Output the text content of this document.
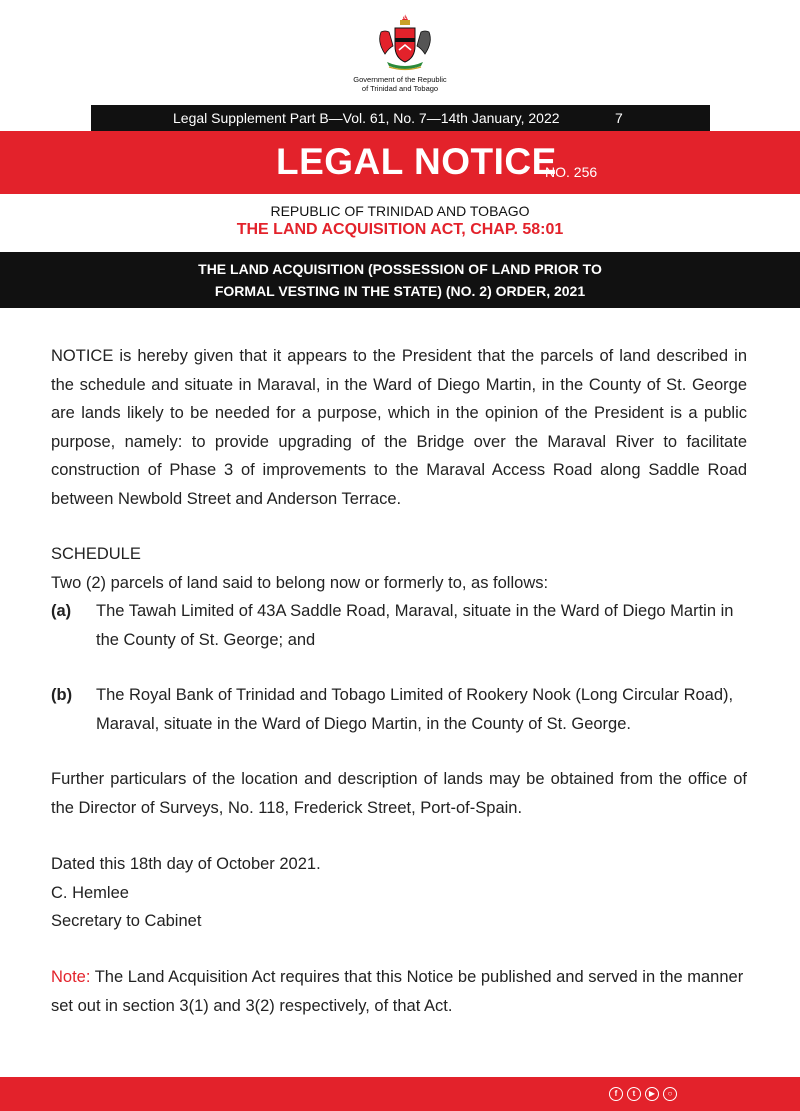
Government of the Republic
of Trinidad and Tobago
Legal Supplement Part B—Vol. 61, No. 7—14th January, 2022	7
LEGAL NOTICE
NO. 256
REPUBLIC OF TRINIDAD AND TOBAGO
THE LAND ACQUISITION ACT, CHAP. 58:01
THE LAND ACQUISITION (POSSESSION OF LAND PRIOR TO
FORMAL VESTING IN THE STATE) (NO. 2) ORDER, 2021
NOTICE is hereby given that it appears to the President that the parcels of land described in the schedule and situate in Maraval, in the Ward of Diego Martin, in the County of St. George are lands likely to be needed for a purpose, which in the opinion of the President is a public purpose, namely: to provide upgrading of the Bridge over the Maraval River to facilitate construction of Phase 3 of improvements to the Maraval Access Road along Saddle Road between Newbold Street and Anderson Terrace.
SCHEDULE
Two (2) parcels of land said to belong now or formerly to, as follows:
(a) The Tawah Limited of 43A Saddle Road, Maraval, situate in the Ward of Diego Martin in the County of St. George; and
(b) The Royal Bank of Trinidad and Tobago Limited of Rookery Nook (Long Circular Road), Maraval, situate in the Ward of Diego Martin, in the County of St. George.
Further particulars of the location and description of lands may be obtained from the office of the Director of Surveys, No. 118, Frederick Street, Port-of-Spain.
Dated this 18th day of October 2021.
C. Hemlee
Secretary to Cabinet
Note: The Land Acquisition Act requires that this Notice be published and served in the manner set out in section 3(1) and 3(2) respectively, of that Act.
For further information and updates, visit www.mowt.gov.tt and official social media pages.
f	t	▶	○
